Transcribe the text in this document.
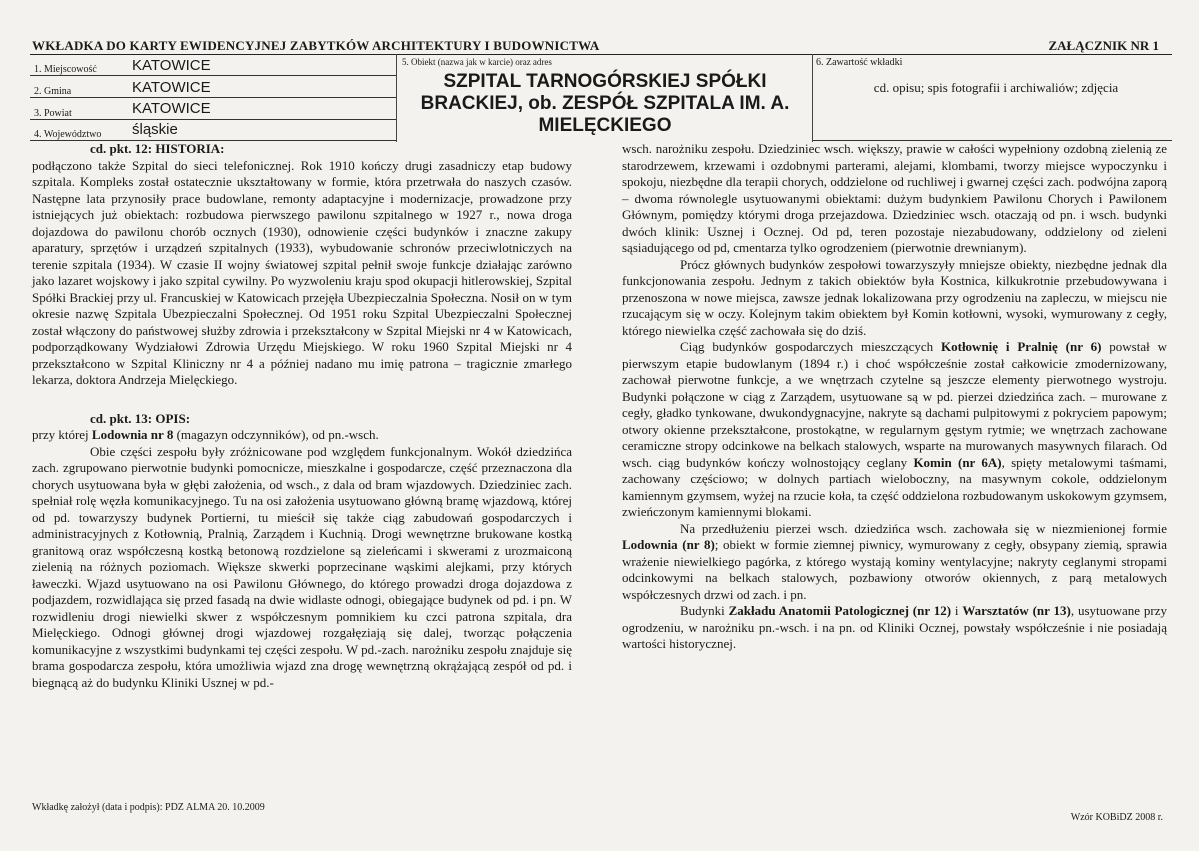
WKŁADKA DO KARTY EWIDENCYJNEJ ZABYTKÓW ARCHITEKTURY I BUDOWNICTWA	ZAŁĄCZNIK NR 1
1. Miejscowość KATOWICE
2. Gmina	KATOWICE
3. Powiat	KATOWICE
4. Województwo śląskie
5. Obiekt (nazwa jak w karcie) oraz adres
SZPITAL TARNOGÓRSKIEJ SPÓŁKI BRACKIEJ, ob. ZESPÓŁ SZPITALA IM. A. MIELĘCKIEGO
6. Zawartość wkładki
cd. opisu; spis fotografii i archiwaliów; zdjęcia

cd. pkt. 12: HISTORIA:

podłączono także Szpital do sieci telefonicznej. Rok 1910 kończy drugi zasadniczy etap budowy szpitala. Kompleks został ostatecznie ukształtowany w formie, która przetrwała do naszych czasów. Następne lata przynosiły prace budowlane, remonty adaptacyjne i modernizacje, prowadzone przy istniejących już obiektach: rozbudowa pierwszego pawilonu szpitalnego w 1927 r., nowa droga dojazdowa do pawilonu chorób ocznych (1930), odnowienie części budynków i znaczne zakupy aparatury, sprzętów i urządzeń szpitalnych (1933), wybudowanie schronów przeciwlotniczych na terenie szpitala (1934). W czasie II wojny światowej szpital pełnił swoje funkcje działając zarówno jako lazaret wojskowy i jako szpital cywilny. Po wyzwoleniu kraju spod okupacji hitlerowskiej, Szpital Spółki Brackiej przy ul. Francuskiej w Katowicach przejęła Ubezpieczalnia Społeczna. Nosił on w tym okresie nazwę Szpitala Ubezpieczalni Społecznej. Od 1951 roku Szpital Ubezpieczalni Społecznej został włączony do państwowej służby zdrowia i przekształcony w Szpital Miejski nr 4 w Katowicach, podporządkowany Wydziałowi Zdrowia Urzędu Miejskiego. W roku 1960 Szpital Miejski nr 4 przekształcono w Szpital Kliniczny nr 4 a później nadano mu imię patrona – tragicznie zmarłego lekarza, doktora Andrzeja Mielęckiego.

cd. pkt. 13: OPIS:

przy której Lodownia nr 8 (magazyn odczynników), od pn.-wsch.

Obie części zespołu były zróżnicowane pod względem funkcjonalnym. Wokół dziedzińca zach. zgrupowano pierwotnie budynki pomocnicze, mieszkalne i gospodarcze, część przeznaczona dla chorych usytuowana była w głębi założenia, od wsch., z dala od bram wjazdowych. Dziedziniec zach. spełniał rolę węzła komunikacyjnego. Tu na osi założenia usytuowano główną bramę wjazdową, której od pd. towarzyszy budynek Portierni, tu mieścił się także ciąg zabudowań gospodarczych i administracyjnych z Kotłownią, Pralnią, Zarządem i Kuchnią. Drogi wewnętrzne brukowane kostką granitową oraz współczesną kostką betonową rozdzielone są zieleńcami i skwerami z urozmaiconą zielenią na różnych poziomach. Większe skwerki poprzecinane wąskimi alejkami, przy których ławeczki. Wjazd usytuowano na osi Pawilonu Głównego, do którego prowadzi droga dojazdowa z podjazdem, rozwidlająca się przed fasadą na dwie widlaste odnogi, obiegające budynek od pd. i pn. W rozwidleniu drogi niewielki skwer z współczesnym pomnikiem ku czci patrona szpitala, dra Mielęckiego. Odnogi głównej drogi wjazdowej rozgałęziają się dalej, tworząc połączenia komunikacyjne z wszystkimi budynkami tej części zespołu. W pd.-zach. narożniku zespołu znajduje się brama gospodarcza zespołu, która umożliwia wjazd zna drogę wewnętrzną okrążającą zespół od pd. i biegnącą aż do budynku Kliniki Usznej w pd.-

wsch. narożniku zespołu. Dziedziniec wsch. większy, prawie w całości wypełniony ozdobną zielenią ze starodrzewem, krzewami i ozdobnymi parterami, alejami, klombami, tworzy miejsce wypoczynku i spokoju, niezbędne dla terapii chorych, oddzielone od ruchliwej i gwarnej części zach. podwójna zaporą – dwoma równolegle usytuowanymi obiektami: dużym budynkiem Pawilonu Chorych i Pawilonem Głównym, pomiędzy którymi droga przejazdowa. Dziedziniec wsch. otaczają od pn. i wsch. budynki dwóch klinik: Usznej i Ocznej. Od pd, teren pozostaje niezabudowany, oddzielony od zieleni sąsiadującego od pd, cmentarza tylko ogrodzeniem (pierwotnie drewnianym).

Prócz głównych budynków zespołowi towarzyszyły mniejsze obiekty, niezbędne jednak dla funkcjonowania zespołu. Jednym z takich obiektów była Kostnica, kilkukrotnie przebudowywana i przenoszona w nowe miejsca, zawsze jednak lokalizowana przy ogrodzeniu na zapleczu, w miejscu nie rzucającym się w oczy. Kolejnym takim obiektem był Komin kotłowni, wysoki, wymurowany z cegły, którego niewielka część zachowała się do dziś.

Ciąg budynków gospodarczych mieszczących Kotłownię i Pralnię (nr 6) powstał w pierwszym etapie budowlanym (1894 r.) i choć współcześnie został całkowicie zmodernizowany, zachował pierwotne funkcje, a we wnętrzach czytelne są jeszcze elementy pierwotnego wystroju. Budynki połączone w ciąg z Zarządem, usytuowane są w pd. pierzei dziedzińca zach. – murowane z cegły, gładko tynkowane, dwukondygnacyjne, nakryte są dachami pulpitowymi z pokryciem papowym; otwory okienne przekształcone, prostokątne, w regularnym gęstym rytmie; we wnętrzach zachowane ceramiczne stropy odcinkowe na belkach stalowych, wsparte na murowanych masywnych filarach. Od wsch. ciąg budynków kończy wolnostojący ceglany Komin (nr 6A), spięty metalowymi taśmami, zachowany częściowo; w dolnych partiach wieloboczny, na masywnym cokole, oddzielonym kamiennym gzymsem, wyżej na rzucie koła, ta część oddzielona rozbudowanym uskokowym gzymsem, zwieńczonym kamiennymi blokami.

Na przedłużeniu pierzei wsch. dziedzińca wsch. zachowała się w niezmienionej formie Lodownia (nr 8); obiekt w formie ziemnej piwnicy, wymurowany z cegły, obsypany ziemią, sprawia wrażenie niewielkiego pagórka, z którego wystają kominy wentylacyjne; nakryty ceglanymi stropami odcinkowymi na belkach stalowych, pozbawiony otworów okiennych, z parą metalowych współczesnych drzwi od zach. i pn.

Budynki Zakładu Anatomii Patologicznej (nr 12) i Warsztatów (nr 13), usytuowane przy ogrodzeniu, w narożniku pn.-wsch. i na pn. od Kliniki Ocznej, powstały współcześnie i nie posiadają wartości historycznej.

Wkładkę założył (data i podpis): PDZ ALMA 20. 10.2009
Wzór KOBiDZ 2008 r.
